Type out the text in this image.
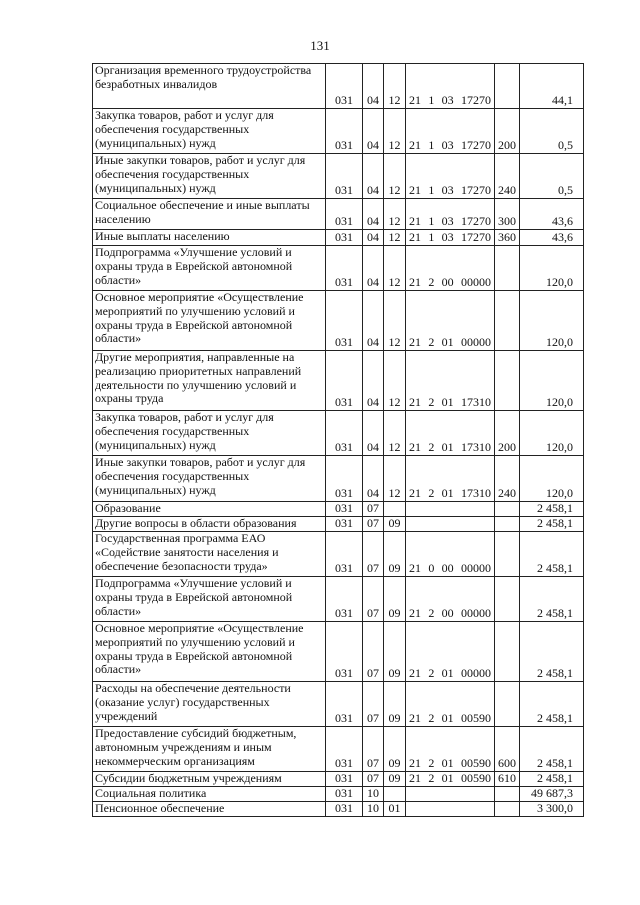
131
Организация временного трудоустройства безработных инвалидов	031	04	12	21 1 03 17270		44,1
Закупка товаров, работ и услуг для обеспечения государственных (муниципальных) нужд	031	04	12	21 1 03 17270	200	0,5
Иные закупки товаров, работ и услуг для обеспечения государственных (муниципальных) нужд	031	04	12	21 1 03 17270	240	0,5
Социальное обеспечение и иные выплаты населению	031	04	12	21 1 03 17270	300	43,6
Иные выплаты населению	031	04	12	21 1 03 17270	360	43,6
Подпрограмма «Улучшение условий и охраны труда в Еврейской автономной области»	031	04	12	21 2 00 00000		120,0
Основное мероприятие «Осуществление мероприятий по улучшению условий и охраны труда в Еврейской автономной области»	031	04	12	21 2 01 00000		120,0
Другие мероприятия, направленные на реализацию приоритетных направлений деятельности по улучшению условий и охраны труда	031	04	12	21 2 01 17310		120,0
Закупка товаров, работ и услуг для обеспечения государственных (муниципальных) нужд	031	04	12	21 2 01 17310	200	120,0
Иные закупки товаров, работ и услуг для обеспечения государственных (муниципальных) нужд	031	04	12	21 2 01 17310	240	120,0
Образование	031	07				2 458,1
Другие вопросы в области образования	031	07	09			2 458,1
Государственная программа ЕАО «Содействие занятости населения и обеспечение безопасности труда»	031	07	09	21 0 00 00000		2 458,1
Подпрограмма «Улучшение условий и охраны труда в Еврейской автономной области»	031	07	09	21 2 00 00000		2 458,1
Основное мероприятие «Осуществление мероприятий по улучшению условий и охраны труда в Еврейской автономной области»	031	07	09	21 2 01 00000		2 458,1
Расходы на обеспечение деятельности (оказание услуг) государственных учреждений	031	07	09	21 2 01 00590		2 458,1
Предоставление субсидий бюджетным, автономным учреждениям и иным некоммерческим организациям	031	07	09	21 2 01 00590	600	2 458,1
Субсидии бюджетным учреждениям	031	07	09	21 2 01 00590	610	2 458,1
Социальная политика	031	10				49 687,3
Пенсионное обеспечение	031	10	01			3 300,0
